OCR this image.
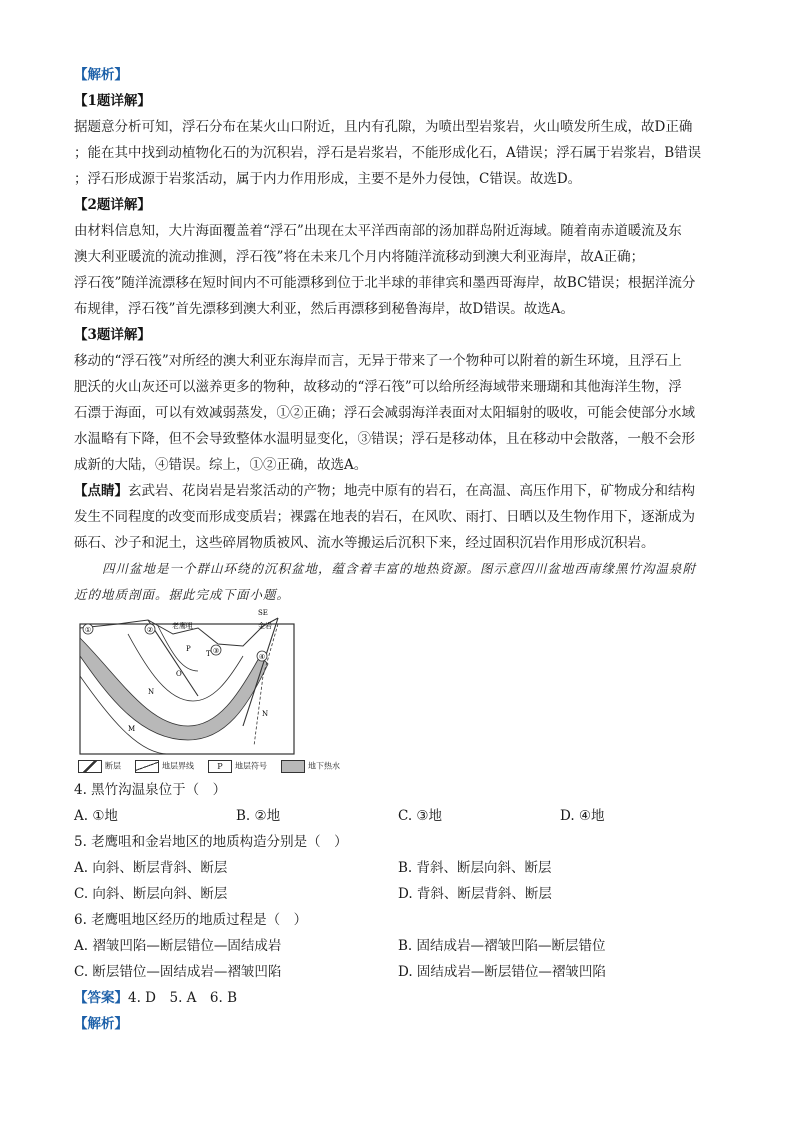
【解析】
【1题详解】
据题意分析可知，浮石分布在某火山口附近，且内有孔隙，为喷出型岩浆岩，火山喷发所生成，故D正确
；能在其中找到动植物化石的为沉积岩，浮石是岩浆岩，不能形成化石，A错误；浮石属于岩浆岩，B错误
；浮石形成源于岩浆活动，属于内力作用形成，主要不是外力侵蚀，C错误。故选D。
【2题详解】
由材料信息知，大片海面覆盖着“浮石”出现在太平洋西南部的汤加群岛附近海域。随着南赤道暖流及东
澳大利亚暖流的流动推测，浮石筏”将在未来几个月内将随洋流移动到澳大利亚海岸，故A正确；
浮石筏”随洋流漂移在短时间内不可能漂移到位于北半球的菲律宾和墨西哥海岸，故BC错误；根据洋流分
布规律，浮石筏”首先漂移到澳大利亚，然后再漂移到秘鲁海岸，故D错误。故选A。
【3题详解】
移动的“浮石筏”对所经的澳大利亚东海岸而言，无异于带来了一个物种可以附着的新生环境，且浮石上
肥沃的火山灰还可以滋养更多的物种，故移动的“浮石筏”可以给所经海域带来珊瑚和其他海洋生物，浮
石漂于海面，可以有效减弱蒸发，①②正确；浮石会减弱海洋表面对太阳辐射的吸收，可能会使部分水域
水温略有下降，但不会导致整体水温明显变化，③错误；浮石是移动体，且在移动中会散落，一般不会形
成新的大陆，④错误。综上，①②正确，故选A。
【点睛】玄武岩、花岗岩是岩浆活动的产物；地壳中原有的岩石，在高温、高压作用下，矿物成分和结构
发生不同程度的改变而形成变质岩；裸露在地表的岩石，在风吹、雨打、日晒以及生物作用下，逐渐成为
砾石、沙子和泥土，这些碎屑物质被风、流水等搬运后沉积下来，经过固积沉岩作用形成沉积岩。
四川盆地是一个群山环绕的沉积盆地，蕴含着丰富的地热资源。图示意四川盆地西南缘黑竹沟温泉附
近的地质剖面。据此完成下面小题。
①	②
③
④
老鹰咀	金岩
SE
M
N
O
P
T
N
断层	地层界线	P 地层符号	地下热水
4. 黑竹沟温泉位于（　）
A. ①地	B. ②地	C. ③地	D. ④地
5. 老鹰咀和金岩地区的地质构造分别是（　）
A. 向斜、断层背斜、断层	B. 背斜、断层向斜、断层
C. 向斜、断层向斜、断层	D. 背斜、断层背斜、断层
6. 老鹰咀地区经历的地质过程是（　）
A. 褶皱凹陷—断层错位—固结成岩	B. 固结成岩—褶皱凹陷—断层错位
C. 断层错位—固结成岩—褶皱凹陷	D. 固结成岩—断层错位—褶皱凹陷
【答案】4. D　5. A　6. B
【解析】
